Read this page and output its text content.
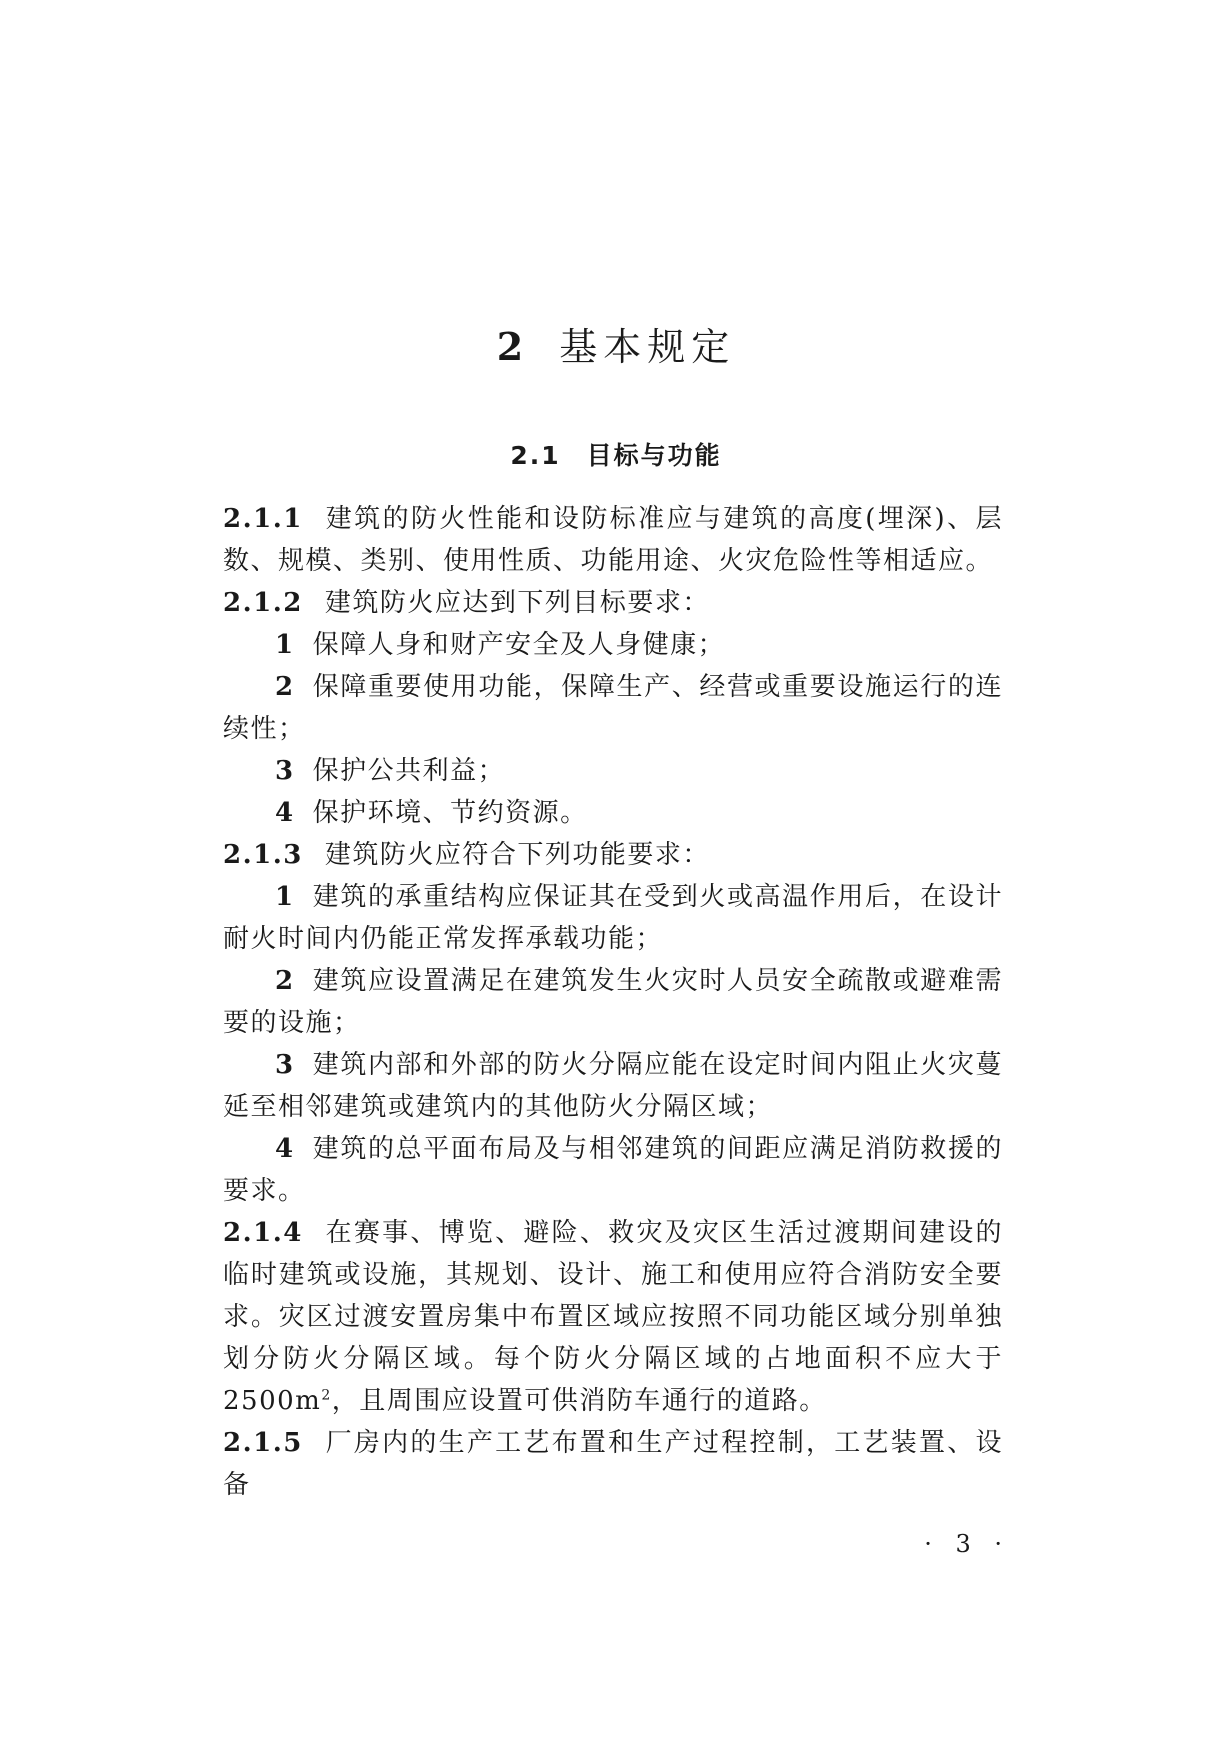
2 基本规定
2.1 目标与功能

2.1.1 建筑的防火性能和设防标准应与建筑的高度(埋深)、层数、规模、类别、使用性质、功能用途、火灾危险性等相适应。

2.1.2 建筑防火应达到下列目标要求：

1 保障人身和财产安全及人身健康；

2 保障重要使用功能，保障生产、经营或重要设施运行的连续性；

3 保护公共利益；

4 保护环境、节约资源。

2.1.3 建筑防火应符合下列功能要求：

1 建筑的承重结构应保证其在受到火或高温作用后，在设计耐火时间内仍能正常发挥承载功能；

2 建筑应设置满足在建筑发生火灾时人员安全疏散或避难需要的设施；

3 建筑内部和外部的防火分隔应能在设定时间内阻止火灾蔓延至相邻建筑或建筑内的其他防火分隔区域；

4 建筑的总平面布局及与相邻建筑的间距应满足消防救援的要求。

2.1.4 在赛事、博览、避险、救灾及灾区生活过渡期间建设的临时建筑或设施，其规划、设计、施工和使用应符合消防安全要求。灾区过渡安置房集中布置区域应按照不同功能区域分别单独划分防火分隔区域。每个防火分隔区域的占地面积不应大于 $2500m^2$，且周围应设置可供消防车通行的道路。

2.1.5 厂房内的生产工艺布置和生产过程控制，工艺装置、设备

· 3 ·
